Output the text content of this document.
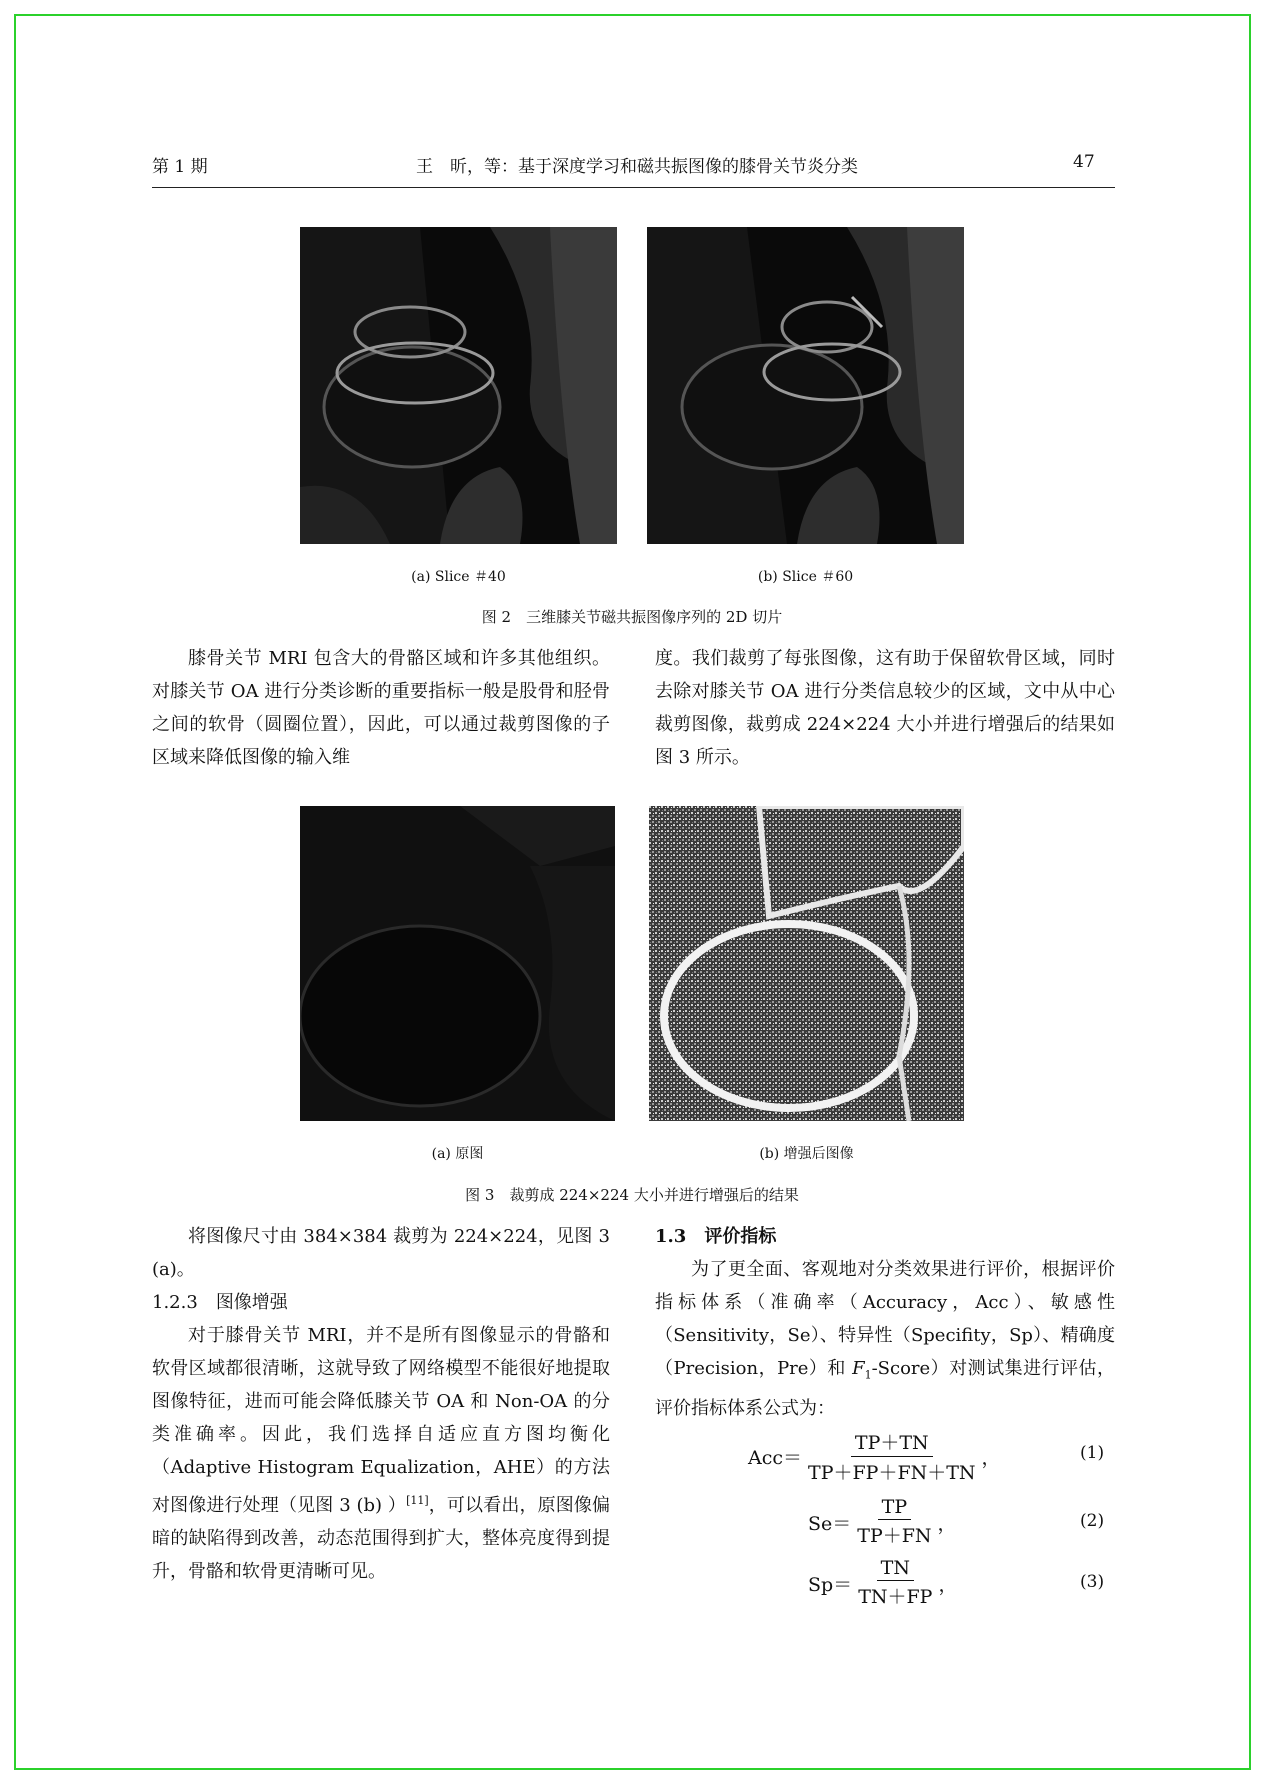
第 1 期	王　昕，等：基于深度学习和磁共振图像的膝骨关节炎分类	47
(a) Slice ＃40	(b) Slice ＃60
图 2　三维膝关节磁共振图像序列的 2D 切片
膝骨关节 MRI 包含大的骨骼区域和许多其他组织。对膝关节 OA 进行分类诊断的重要指标一般是股骨和胫骨之间的软骨（圆圈位置），因此，可以通过裁剪图像的子区域来降低图像的输入维
度。我们裁剪了每张图像，这有助于保留软骨区域，同时去除对膝关节 OA 进行分类信息较少的区域，文中从中心裁剪图像，裁剪成 224×224 大小并进行增强后的结果如图 3 所示。
(a) 原图	(b) 增强后图像
图 3　裁剪成 224×224 大小并进行增强后的结果

将图像尺寸由 384×384 裁剪为 224×224，见图 3 (a)。

1.2.3　 图像增强

对于膝骨关节 MRI，并不是所有图像显示的骨骼和软骨区域都很清晰，这就导致了网络模型不能很好地提取图像特征，进而可能会降低膝关节 OA 和 Non-OA 的分类准确率。因此，我们选择自适应直方图均衡化（Adaptive Histogram Equalization，AHE）的方法对图像进行处理（见图 3 (b) ）[11]，可以看出，原图像偏暗的缺陷得到改善，动态范围得到扩大，整体亮度得到提升，骨骼和软骨更清晰可见。

1.3　 评价指标

为了更全面、客观地对分类效果进行评价，根据评价指标体系（准确率（Accuracy，Acc）、敏感性（Sensitivity，Se）、特异性（Specifity，Sp）、精确度（Precision，Pre）和 $F_1-Score$）对测试集进行评估，评价指标体系公式为：

$Acc= \frac{TP+TN}{TP+FP+FN+TN}$ ，	(1)
$Se= \frac{TP}{TP+FN}$ ，	(2)
$Sp= \frac{TN}{TN+FP}$ ，	(3)
